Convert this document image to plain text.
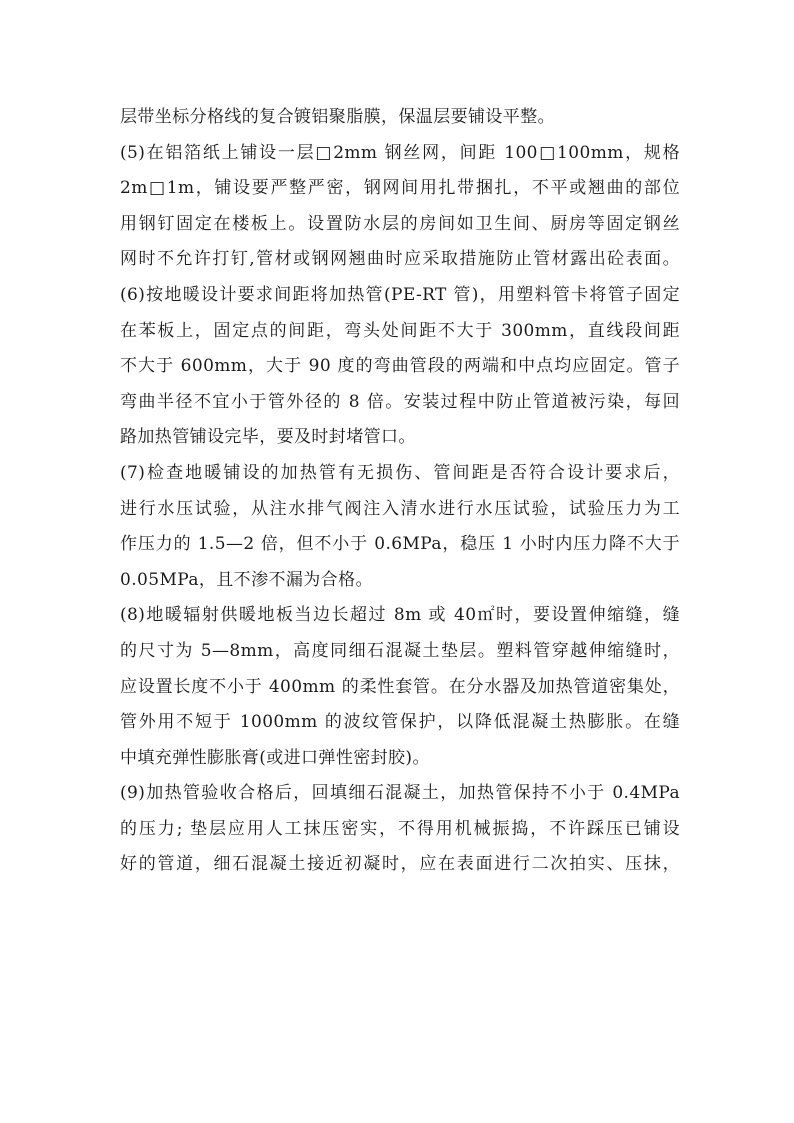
层带坐标分格线的复合镀铝聚脂膜，保温层要铺设平整。
(5)在铝箔纸上铺设一层□2mm 钢丝网，间距 100□100mm，规格
2m□1m，铺设要严整严密，钢网间用扎带捆扎，不平或翘曲的部位
用钢钉固定在楼板上。设置防水层的房间如卫生间、厨房等固定钢丝
网时不允许打钉,管材或钢网翘曲时应采取措施防止管材露出砼表面。
(6)按地暖设计要求间距将加热管(PE-RT 管)，用塑料管卡将管子固定
在苯板上，固定点的间距，弯头处间距不大于 300mm，直线段间距
不大于 600mm，大于 90 度的弯曲管段的两端和中点均应固定。管子
弯曲半径不宜小于管外径的 8 倍。安装过程中防止管道被污染，每回
路加热管铺设完毕，要及时封堵管口。
(7)检查地暖铺设的加热管有无损伤、管间距是否符合设计要求后，
进行水压试验，从注水排气阀注入清水进行水压试验，试验压力为工
作压力的 1.5—2 倍，但不小于 0.6MPa，稳压 1 小时内压力降不大于
0.05MPa，且不渗不漏为合格。
(8)地暖辐射供暖地板当边长超过 8m 或 40㎡时，要设置伸缩缝，缝
的尺寸为 5—8mm，高度同细石混凝土垫层。塑料管穿越伸缩缝时，
应设置长度不小于 400mm 的柔性套管。在分水器及加热管道密集处，
管外用不短于 1000mm 的波纹管保护，以降低混凝土热膨胀。在缝
中填充弹性膨胀膏(或进口弹性密封胶)。
(9)加热管验收合格后，回填细石混凝土，加热管保持不小于 0.4MPa
的压力; 垫层应用人工抹压密实，不得用机械振捣，不许踩压已铺设
好的管道，细石混凝土接近初凝时，应在表面进行二次拍实、压抹，
